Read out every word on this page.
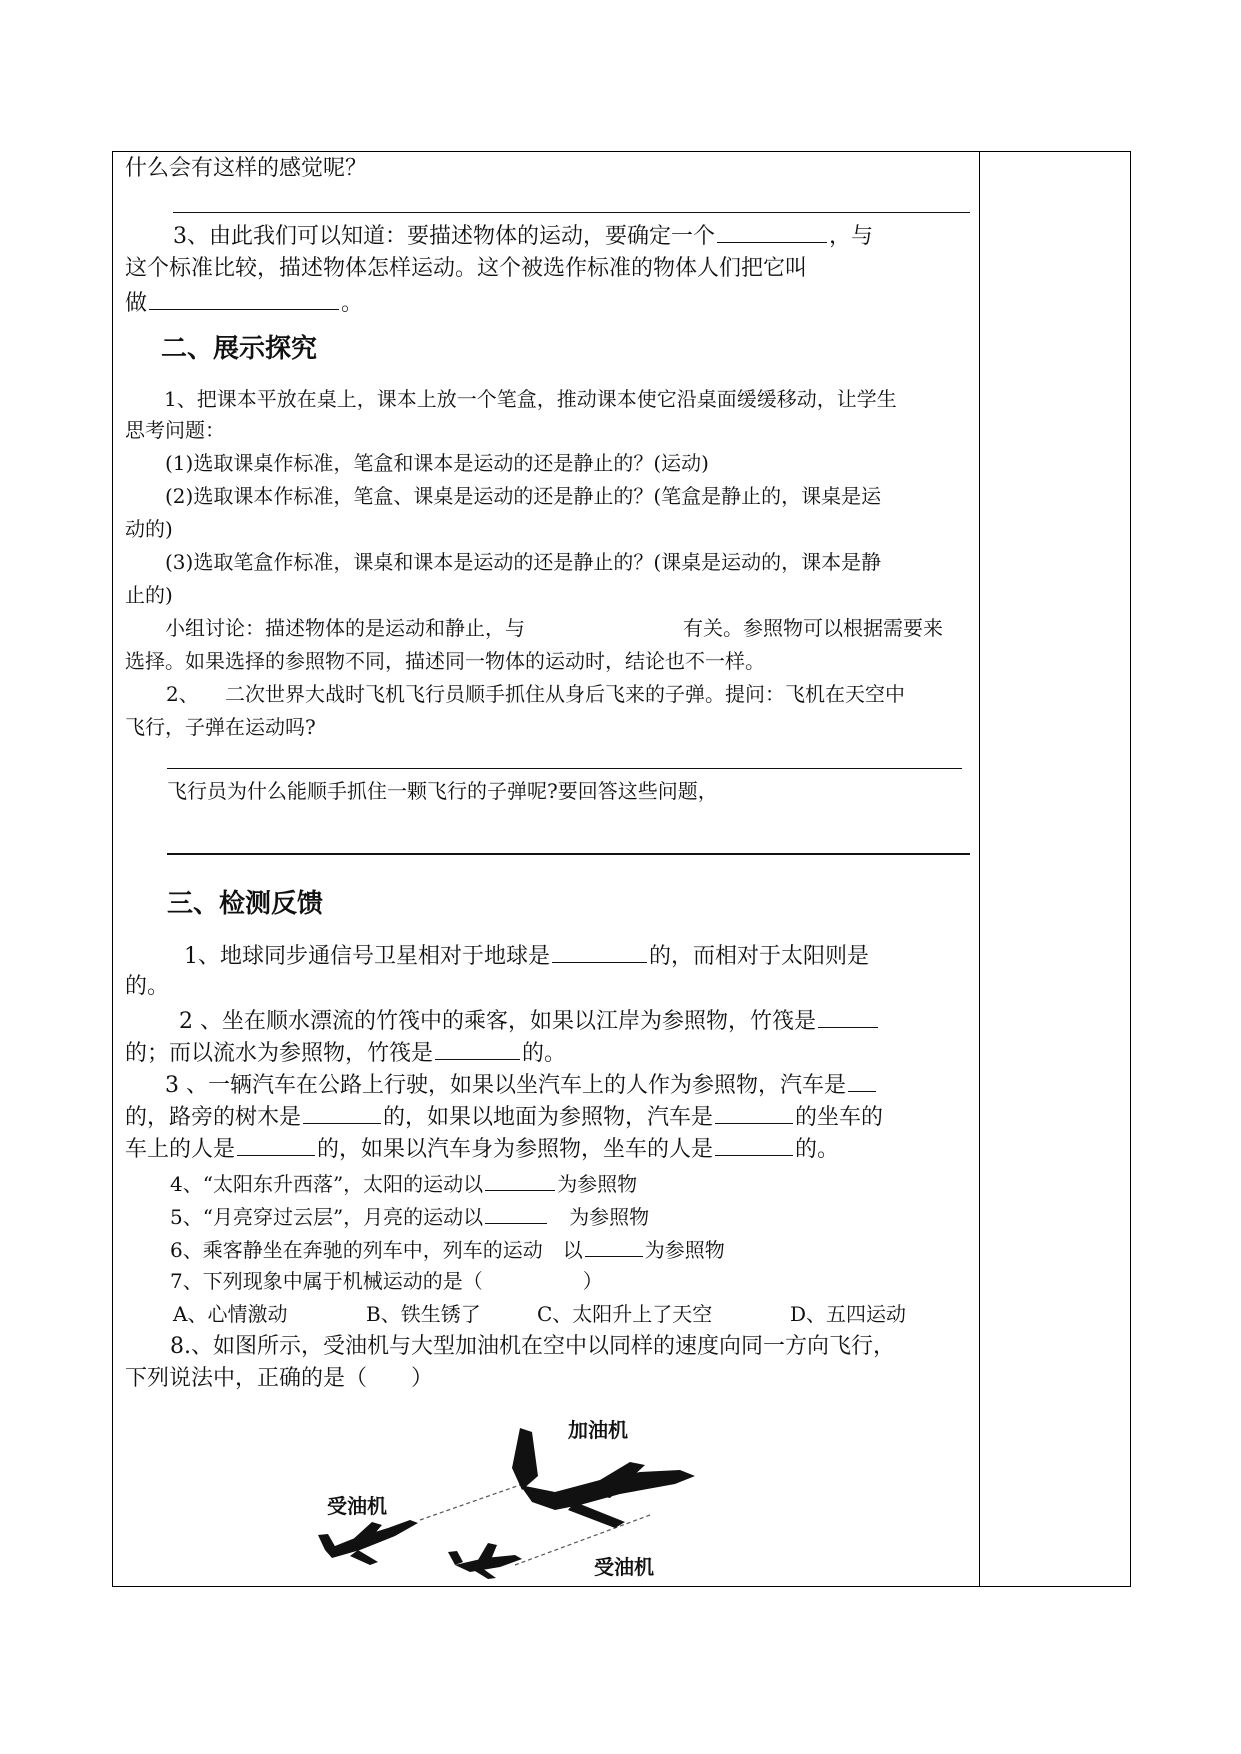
什么会有这样的感觉呢？
3、由此我们可以知道：要描述物体的运动，要确定一个	，与
这个标准比较，描述物体怎样运动。这个被选作标准的物体人们把它叫
做	。
二、展示探究
1、把课本平放在桌上，课本上放一个笔盒，推动课本使它沿桌面缓缓移动，让学生
思考问题：
(1)选取课桌作标准，笔盒和课本是运动的还是静止的？(运动)
(2)选取课本作标准，笔盒、课桌是运动的还是静止的？(笔盒是静止的，课桌是运
动的)
(3)选取笔盒作标准，课桌和课本是运动的还是静止的？(课桌是运动的，课本是静
止的)
小组讨论：描述物体的是运动和静止，与	有关。参照物可以根据需要来
选择。如果选择的参照物不同，描述同一物体的运动时，结论也不一样。
2、 二次世界大战时飞机飞行员顺手抓住从身后飞来的子弹。提问：飞机在天空中
飞行，子弹在运动吗?
飞行员为什么能顺手抓住一颗飞行的子弹呢?要回答这些问题，
三、检测反馈
1、地球同步通信号卫星相对于地球是	的，而相对于太阳则是
的。
2 、坐在顺水漂流的竹筏中的乘客，如果以江岸为参照物，竹筏是
的；而以流水为参照物，竹筏是	的。
3 、一辆汽车在公路上行驶，如果以坐汽车上的人作为参照物，汽车是
的，路旁的树木是	的，如果以地面为参照物，汽车是	的坐车的
车上的人是	的，如果以汽车身为参照物，坐车的人是	的。
4、“太阳东升西落”，太阳的运动以	为参照物
5、“月亮穿过云层”，月亮的运动以　	为参照物
6、乘客静坐在奔驰的列车中，列车的运动　以	为参照物
7、下列现象中属于机械运动的是（　　　　　）
A、心情激动	B、铁生锈了	C、太阳升上了天空	D、五四运动
8.、如图所示，受油机与大型加油机在空中以同样的速度向同一方向飞行，
下列说法中，正确的是（　　）
加油机
受油机
受油机
